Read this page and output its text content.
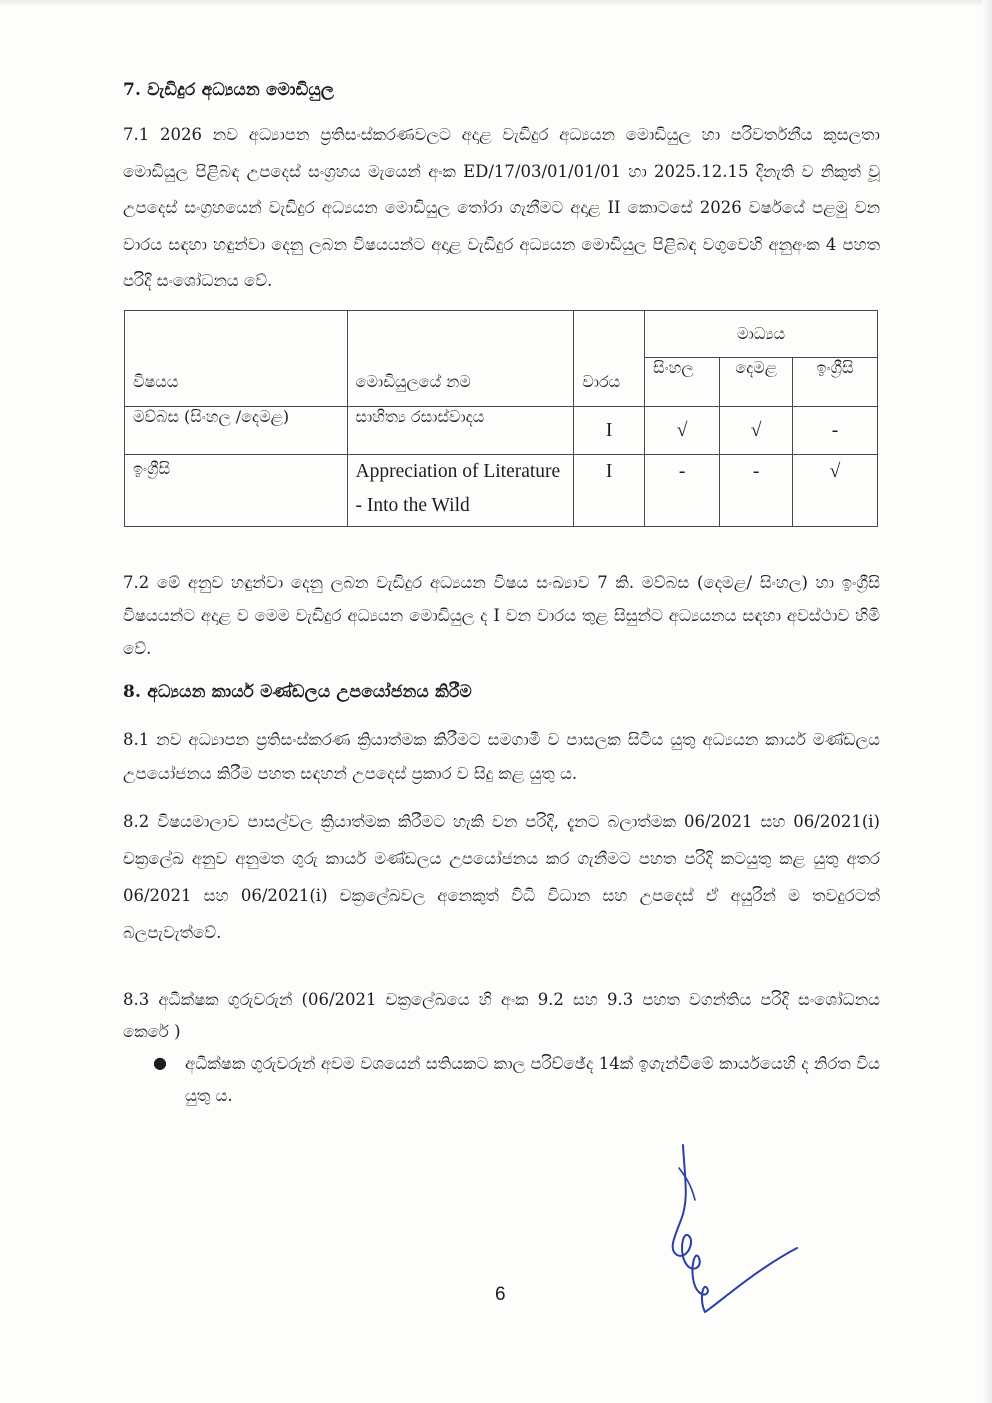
7. වැඩිදුර අධ්‍යයන මොඩියුල
7.1 2026 නව අධ්‍යාපන ප්‍රතිසංස්කරණවලට අදාළ වැඩිදුර අධ්‍යයන මොඩියුල හා පරිවර්තනීය කුසලතා මොඩියුල පිළිබඳ උපදෙස් සංග්‍රහය මැයෙන් අංක ED/17/03/01/01/01 හා 2025.12.15 දිනැති ව නිකුත් වූ උපදෙස් සංග්‍රහයෙන් වැඩිදුර අධ්‍යයන මොඩියුල තෝරා ගැනීමට අදාළ II කොටසේ 2026 වර්ෂයේ පළමු වන වාරය සඳහා හඳුන්වා දෙනු ලබන විෂයයන්ට අදාළ වැඩිදුර අධ්‍යයන මොඩියුල පිළිබඳ වගුවෙහි අනුඅංක 4 පහත පරිදි සංශෝධනය වේ.
විෂයය	මොඩියුලයේ නම	වාරය	මාධ්‍යය		
			සිංහල	දෙමළ	ඉංග්‍රීසි
මව්බස (සිංහල /දෙමළ)	සාහිත්‍ය රසාස්වාදය	I	√	√	-
ඉංග්‍රීසි	Appreciation of Literature - Into the Wild	I	-	-	√
7.2 මේ අනුව හඳුන්වා දෙනු ලබන වැඩිදුර අධ්‍යයන විෂය සංඛ්‍යාව 7 කි. මව්බස (දෙමළ/ සිංහල) හා ඉංග්‍රීසි විෂයයන්ට අදාළ ව මෙම වැඩිදුර අධ්‍යයන මොඩියුල ද I වන වාරය තුළ සිසුන්ට අධ්‍යයනය සඳහා අවස්ථාව හිමි වේ.
8. අධ්‍යයන කාර්ය මණ්ඩලය උපයෝජනය කිරීම
8.1 නව අධ්‍යාපන ප්‍රතිසංස්කරණ ක්‍රියාත්මක කිරීමට සමගාමී ව පාසලක සිටිය යුතු අධ්‍යයන කාර්ය මණ්ඩලය උපයෝජනය කිරීම පහත සඳහන් උපදෙස් ප්‍රකාර ව සිදු කළ යුතු ය.
8.2 විෂයමාලාව පාසල්වල ක්‍රියාත්මක කිරීමට හැකි වන පරිදි, දැනට බලාත්මක 06/2021 සහ 06/2021(i) චක්‍රලේඛ අනුව අනුමත ගුරු කාර්ය මණ්ඩලය උපයෝජනය කර ගැනීමට පහත පරිදි කටයුතු කළ යුතු අතර 06/2021 සහ 06/2021(i) චක්‍රලේඛවල අනෙකුත් විධි විධාන සහ උපදෙස් ඒ අයුරින් ම තවදුරටත් බලපැවැත්වේ.
8.3 අධීක්ෂක ගුරුවරුන් (06/2021 චක්‍රලේඛයෙ හි අංක 9.2 සහ 9.3 පහත වගන්තිය පරිදි සංශෝධනය කෙරේ )
● අධීක්ෂක ගුරුවරුන් අවම වශයෙන් සතියකට කාල පරිච්ඡේද 14ක් ඉගැන්වීමේ කාර්යයෙහි ද නිරත විය යුතු ය.
6
